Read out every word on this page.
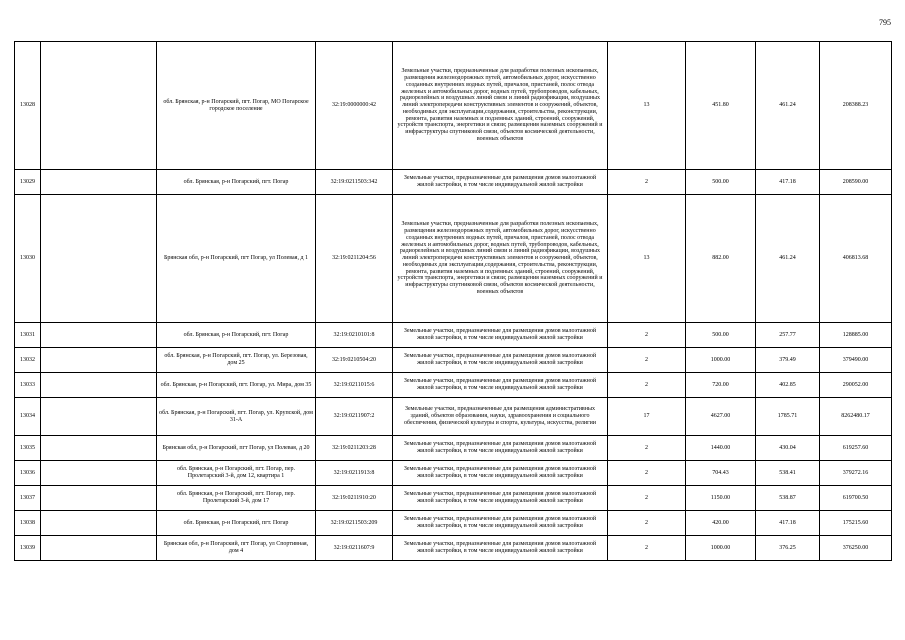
795
13028		обл. Брянская, р-н Погарский, пгт. Погар, МО Погарское городское поселение	32:19:0000000:42	Земельные участки, предназначенные для разработки полезных ископаемых, размещения железнодорожных путей, автомобильных дорог, искусственно созданных внутренних водных путей, причалов, пристаней, полос отвода железных и автомобильных дорог, водных путей, трубопроводов, кабельных, радиорелейных и воздушных линий связи и линий радиофикации, воздушных линий электропередачи конструктивных элементов и сооружений, объектов, необходимых для эксплуатации,содержания, строительства, реконструкции, ремонта, развития наземных и подземных зданий, строений, сооружений, устройств транспорта, энергетики и связи; размещения наземных сооружений и инфраструктуры спутниковой связи, объектов космической деятельности, военных объектов	13	451.80	461.24	208388.23
13029		обл. Брянская, р-н Погарский, пгт. Погар	32:19:0211503:342	Земельные участки, предназначенные для размещения домов малоэтажной жилой застройки, в том числе индивидуальной жилой застройки	2	500.00	417.18	208590.00
13030		Брянская обл, р-н Погарский, пгт Погар, ул Полевая, д 1	32:19:0211204:56	Земельные участки, предназначенные для разработки полезных ископаемых, размещения железнодорожных путей, автомобильных дорог, искусственно созданных внутренних водных путей, причалов, пристаней, полос отвода железных и автомобильных дорог, водных путей, трубопроводов, кабельных, радиорелейных и воздушных линий связи и линий радиофикации, воздушных линий электропередачи конструктивных элементов и сооружений, объектов, необходимых для эксплуатации,содержания, строительства, реконструкции, ремонта, развития наземных и подземных зданий, строений, сооружений, устройств транспорта, энергетики и связи; размещения наземных сооружений и инфраструктуры спутниковой связи, объектов космической деятельности, военных объектов	13	882.00	461.24	406813.68
13031		обл. Брянская, р-н Погарский, пгт. Погар	32:19:0210101:8	Земельные участки, предназначенные для размещения домов малоэтажной жилой застройки, в том числе индивидуальной жилой застройки	2	500.00	257.77	128885.00
13032		обл. Брянская, р-н Погарский, пгт. Погар, ул. Березовая, дом 25	32:19:0210504:20	Земельные участки, предназначенные для размещения домов малоэтажной жилой застройки, в том числе индивидуальной жилой застройки	2	1000.00	379.49	379490.00
13033		обл. Брянская, р-н Погарский, пгт. Погар, ул. Мира, дом 35	32:19:0211015:6	Земельные участки, предназначенные для размещения домов малоэтажной жилой застройки, в том числе индивидуальной жилой застройки	2	720.00	402.85	290052.00
13034		обл. Брянская, р-н Погарский, пгт. Погар, ул. Крупской, дом 31-А	32:19:0211907:2	Земельные участки, предназначенные для размещения административных зданий, объектов образования, науки, здравоохранения и социального обеспечения, физической культуры и спорта, культуры, искусства, религии	17	4627.00	1785.71	8262480.17
13035		Брянская обл, р-н Погарский, пгт Погар, ул Полевая, д 20	32:19:0211203:28	Земельные участки, предназначенные для размещения домов малоэтажной жилой застройки, в том числе индивидуальной жилой застройки	2	1440.00	430.04	619257.60
13036		обл. Брянская, р-н Погарский, пгт. Погар, пер. Пролетарский 3-й, дом 12, квартира 1	32:19:0211913:8	Земельные участки, предназначенные для размещения домов малоэтажной жилой застройки, в том числе индивидуальной жилой застройки	2	704.43	538.41	379272.16
13037		обл. Брянская, р-н Погарский, пгт. Погар, пер. Пролетарский 3-й, дом 17	32:19:0211910:20	Земельные участки, предназначенные для размещения домов малоэтажной жилой застройки, в том числе индивидуальной жилой застройки	2	1150.00	538.87	619700.50
13038		обл. Брянская, р-н Погарский, пгт. Погар	32:19:0211503:209	Земельные участки, предназначенные для размещения домов малоэтажной жилой застройки, в том числе индивидуальной жилой застройки	2	420.00	417.18	175215.60
13039		Брянская обл, р-н Погарский, пгт Погар, ул Спортивная, дом 4	32:19:0211607:9	Земельные участки, предназначенные для размещения домов малоэтажной жилой застройки, в том числе индивидуальной жилой застройки	2	1000.00	376.25	376250.00
